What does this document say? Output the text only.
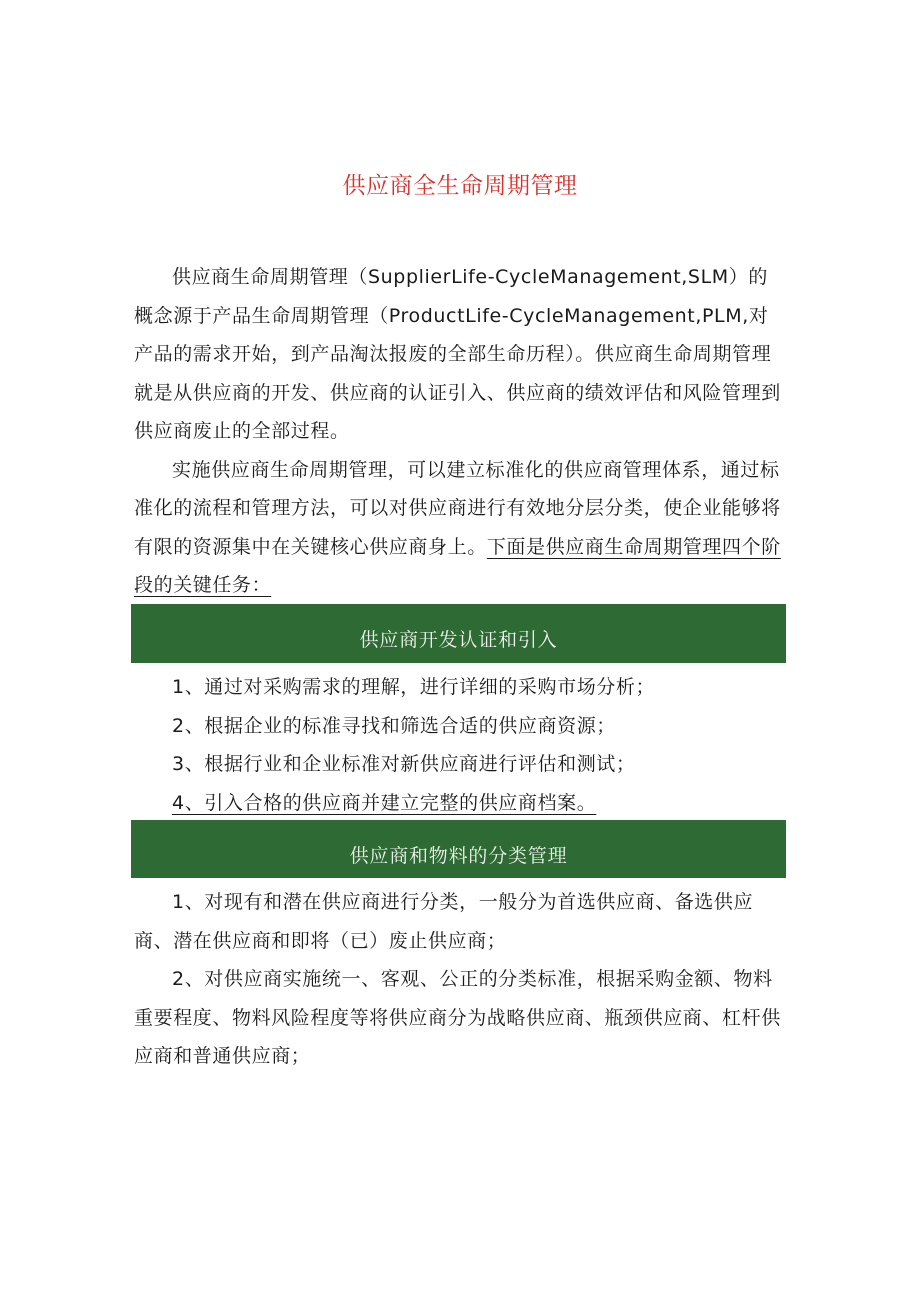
供应商全生命周期管理

供应商生命周期管理（SupplierLife-CycleManagement,SLM）的概念源于产品生命周期管理（ProductLife-CycleManagement,PLM,对产品的需求开始，到产品淘汰报废的全部生命历程）。供应商生命周期管理就是从供应商的开发、供应商的认证引入、供应商的绩效评估和风险管理到供应商废止的全部过程。

实施供应商生命周期管理，可以建立标准化的供应商管理体系，通过标准化的流程和管理方法，可以对供应商进行有效地分层分类，使企业能够将有限的资源集中在关键核心供应商身上。下面是供应商生命周期管理四个阶段的关键任务：

供应商开发认证和引入

1、通过对采购需求的理解，进行详细的采购市场分析；

2、根据企业的标准寻找和筛选合适的供应商资源；

3、根据行业和企业标准对新供应商进行评估和测试；

4、引入合格的供应商并建立完整的供应商档案。

供应商和物料的分类管理

1、对现有和潜在供应商进行分类，一般分为首选供应商、备选供应商、潜在供应商和即将（已）废止供应商；

2、对供应商实施统一、客观、公正的分类标准，根据采购金额、物料重要程度、物料风险程度等将供应商分为战略供应商、瓶颈供应商、杠杆供应商和普通供应商；
